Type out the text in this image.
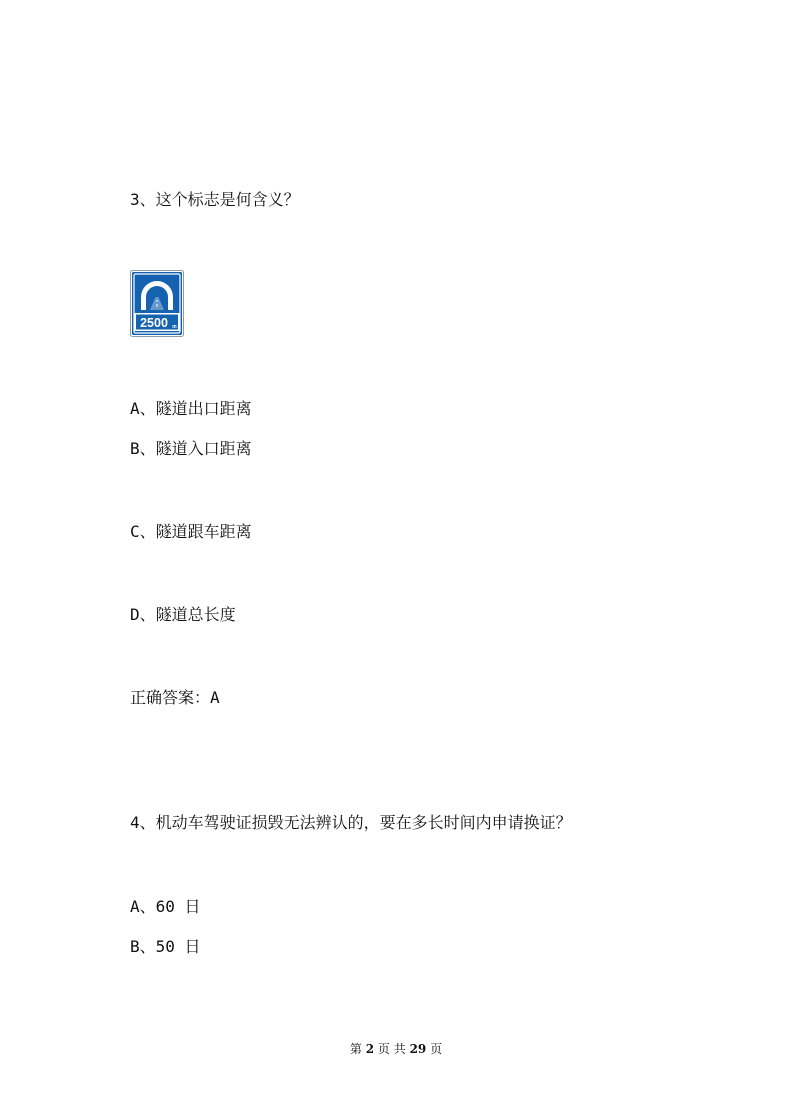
3、这个标志是何含义？
2500 m
A、隧道出口距离
B、隧道入口距离
C、隧道跟车距离
D、隧道总长度
正确答案：A
4、机动车驾驶证损毁无法辨认的，要在多长时间内申请换证？
A、60 日
B、50 日
第 2 页 共 29 页
